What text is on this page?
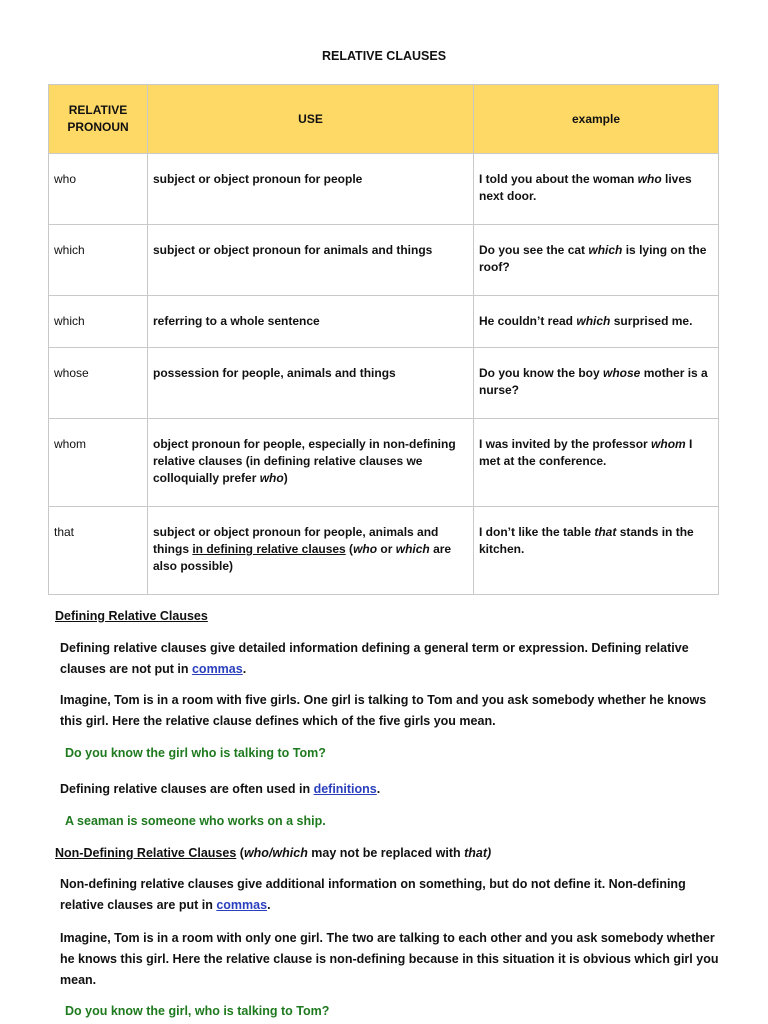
RELATIVE CLAUSES
RELATIVE PRONOUN	USE	example
who	subject or object pronoun for people	I told you about the woman who lives next door.
which	subject or object pronoun for animals and things	Do you see the cat which is lying on the roof?
which	referring to a whole sentence	He couldn’t read which surprised me.
whose	possession for people, animals and things	Do you know the boy whose mother is a nurse?
whom	object pronoun for people, especially in non-defining relative clauses (in defining relative clauses we colloquially prefer who)	I was invited by the professor whom I met at the conference.
that	subject or object pronoun for people, animals and things in defining relative clauses (who or which are also possible)	I don’t like the table that stands in the kitchen.
Defining Relative Clauses
Defining relative clauses give detailed information defining a general term or expression. Defining relative clauses are not put in commas.
Imagine, Tom is in a room with five girls. One girl is talking to Tom and you ask somebody whether he knows this girl. Here the relative clause defines which of the five girls you mean.
Do you know the girl who is talking to Tom?
Defining relative clauses are often used in definitions.
A seaman is someone who works on a ship.
Non-Defining Relative Clauses (who/which may not be replaced with that)
Non-defining relative clauses give additional information on something, but do not define it. Non-defining relative clauses are put in commas.
Imagine, Tom is in a room with only one girl. The two are talking to each other and you ask somebody whether he knows this girl. Here the relative clause is non-defining because in this situation it is obvious which girl you mean.
Do you know the girl, who is talking to Tom?
